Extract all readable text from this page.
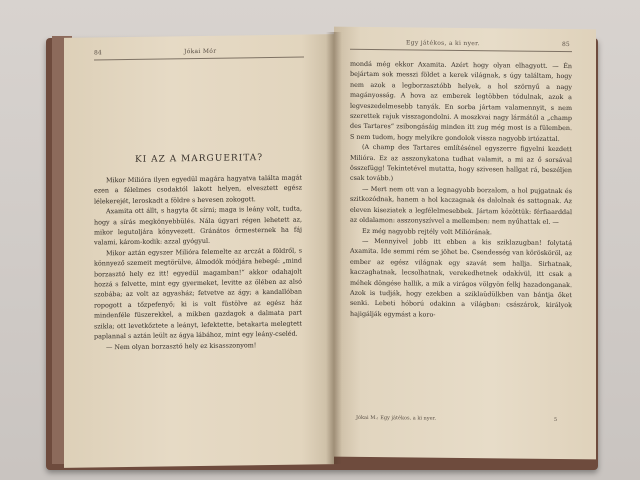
84	Jókai Mór
KI AZ A MARGUERITA?

Mikor Milióra ilyen egyedül magára hagyatva találta magát ezen a félelmes csodaktól lakott helyen, elvesztett egész lélekerejét, leroskadt a földre s hevesen zokogott.

Axamita ott állt, s hagyta őt sírni; maga is leány volt, tudta, hogy a sírás megkönyebbülés. Nála úgyari régen lehetett az, mikor legutoljára könyvezett. Gránátos őrmesternek ha fáj valami, károm-kodik: azzal gyógyul.

Mikor aztán egyszer Milióra felemelte az arczát a földről, s könnyező szemeit megtörülve, álmodók módjára hebegé: „mind borzasztó hely ez itt! egyedül magamban!“ akkor odahajolt hozzá s felvette, mint egy gyermeket, levitte az ölében az alsó szobába; az volt az agyasház; fetvetve az ágy; a kandallóban ropogott a tőzpefenyő; ki is volt füstölve az egész ház mindenféle füszerekkel, a mikben gazdagok a dalmata part szikla; ott levetkőztete a leányt, lefektette, betakarta melegtett paplannal s aztán leült az ágya lábához, mint egy leány-cseléd.

— Nem olyan borzasztó hely ez kisasszonyom!

Egy játékos, a ki nyer.	85

mondá még ekkor Axamita. Azért hogy olyan elhagyott. — Én bejártam sok messzi földet a kerek világnak, s úgy találtam, hogy nem azok a legborzasztóbb helyek, a hol szörnyű a nagy magányosság. A hova az emberek legtöbben tódulnak, azok a legveszedelmesebb tanyák. En sorba jártam valamennyit, s nem szerettek rajuk visszagondolni. A moszkvai nagy lármától a „champ des Tartares“ zsibongásáig minden itt zug még most is a fülemben. S nem tudom, hogy melyikre gondolok vissza nagyobb irtózattal.

(A champ des Tartares említésénel egyszerre figyelni kezdett Milióra. Ez az asszonykatona tudhat valamit, a mi az ő sorsával összefügg! Tekintetével mutatta, hogy szivesen hallgat rá, beszéljen csak tovább.)

— Mert nem ott van a legnagyobb borzalom, a hol pujgatnak és szitkozódnak, hanem a hol kaczagnak és dalolnak és sattognak. Az eleven kiseziatek a legfélelmesebbek. Jártam közöttük: férfiaarddal az oldalamon: asszonyszívvel a mellemben: nem nyűhattak el. —

Ez még nagyobb rejtély volt Miliórának.

— Mennyivel jobb itt ebben a kis sziklazugban! folytatá Axamita. Ide semmi rém se jöhet be. Csendesség van körösköröl, az ember az egész világnak egy szavát sem hallja. Sirhatnak, kaczaghatnak, lecsolhatnak, verekedhetnek odakívül, itt csak a méhek döngése hallik, a mik a virágos völgyön felkj hazadonganak. Azok is tudják, hogy ezekben a sziklaüdülkben van bántja őket senki. Lebeti hóború odakinn a világban: császárok, királyok hajigálják egymást a koro-

Jókai M.: Egy játékos, a ki nyer.	5
